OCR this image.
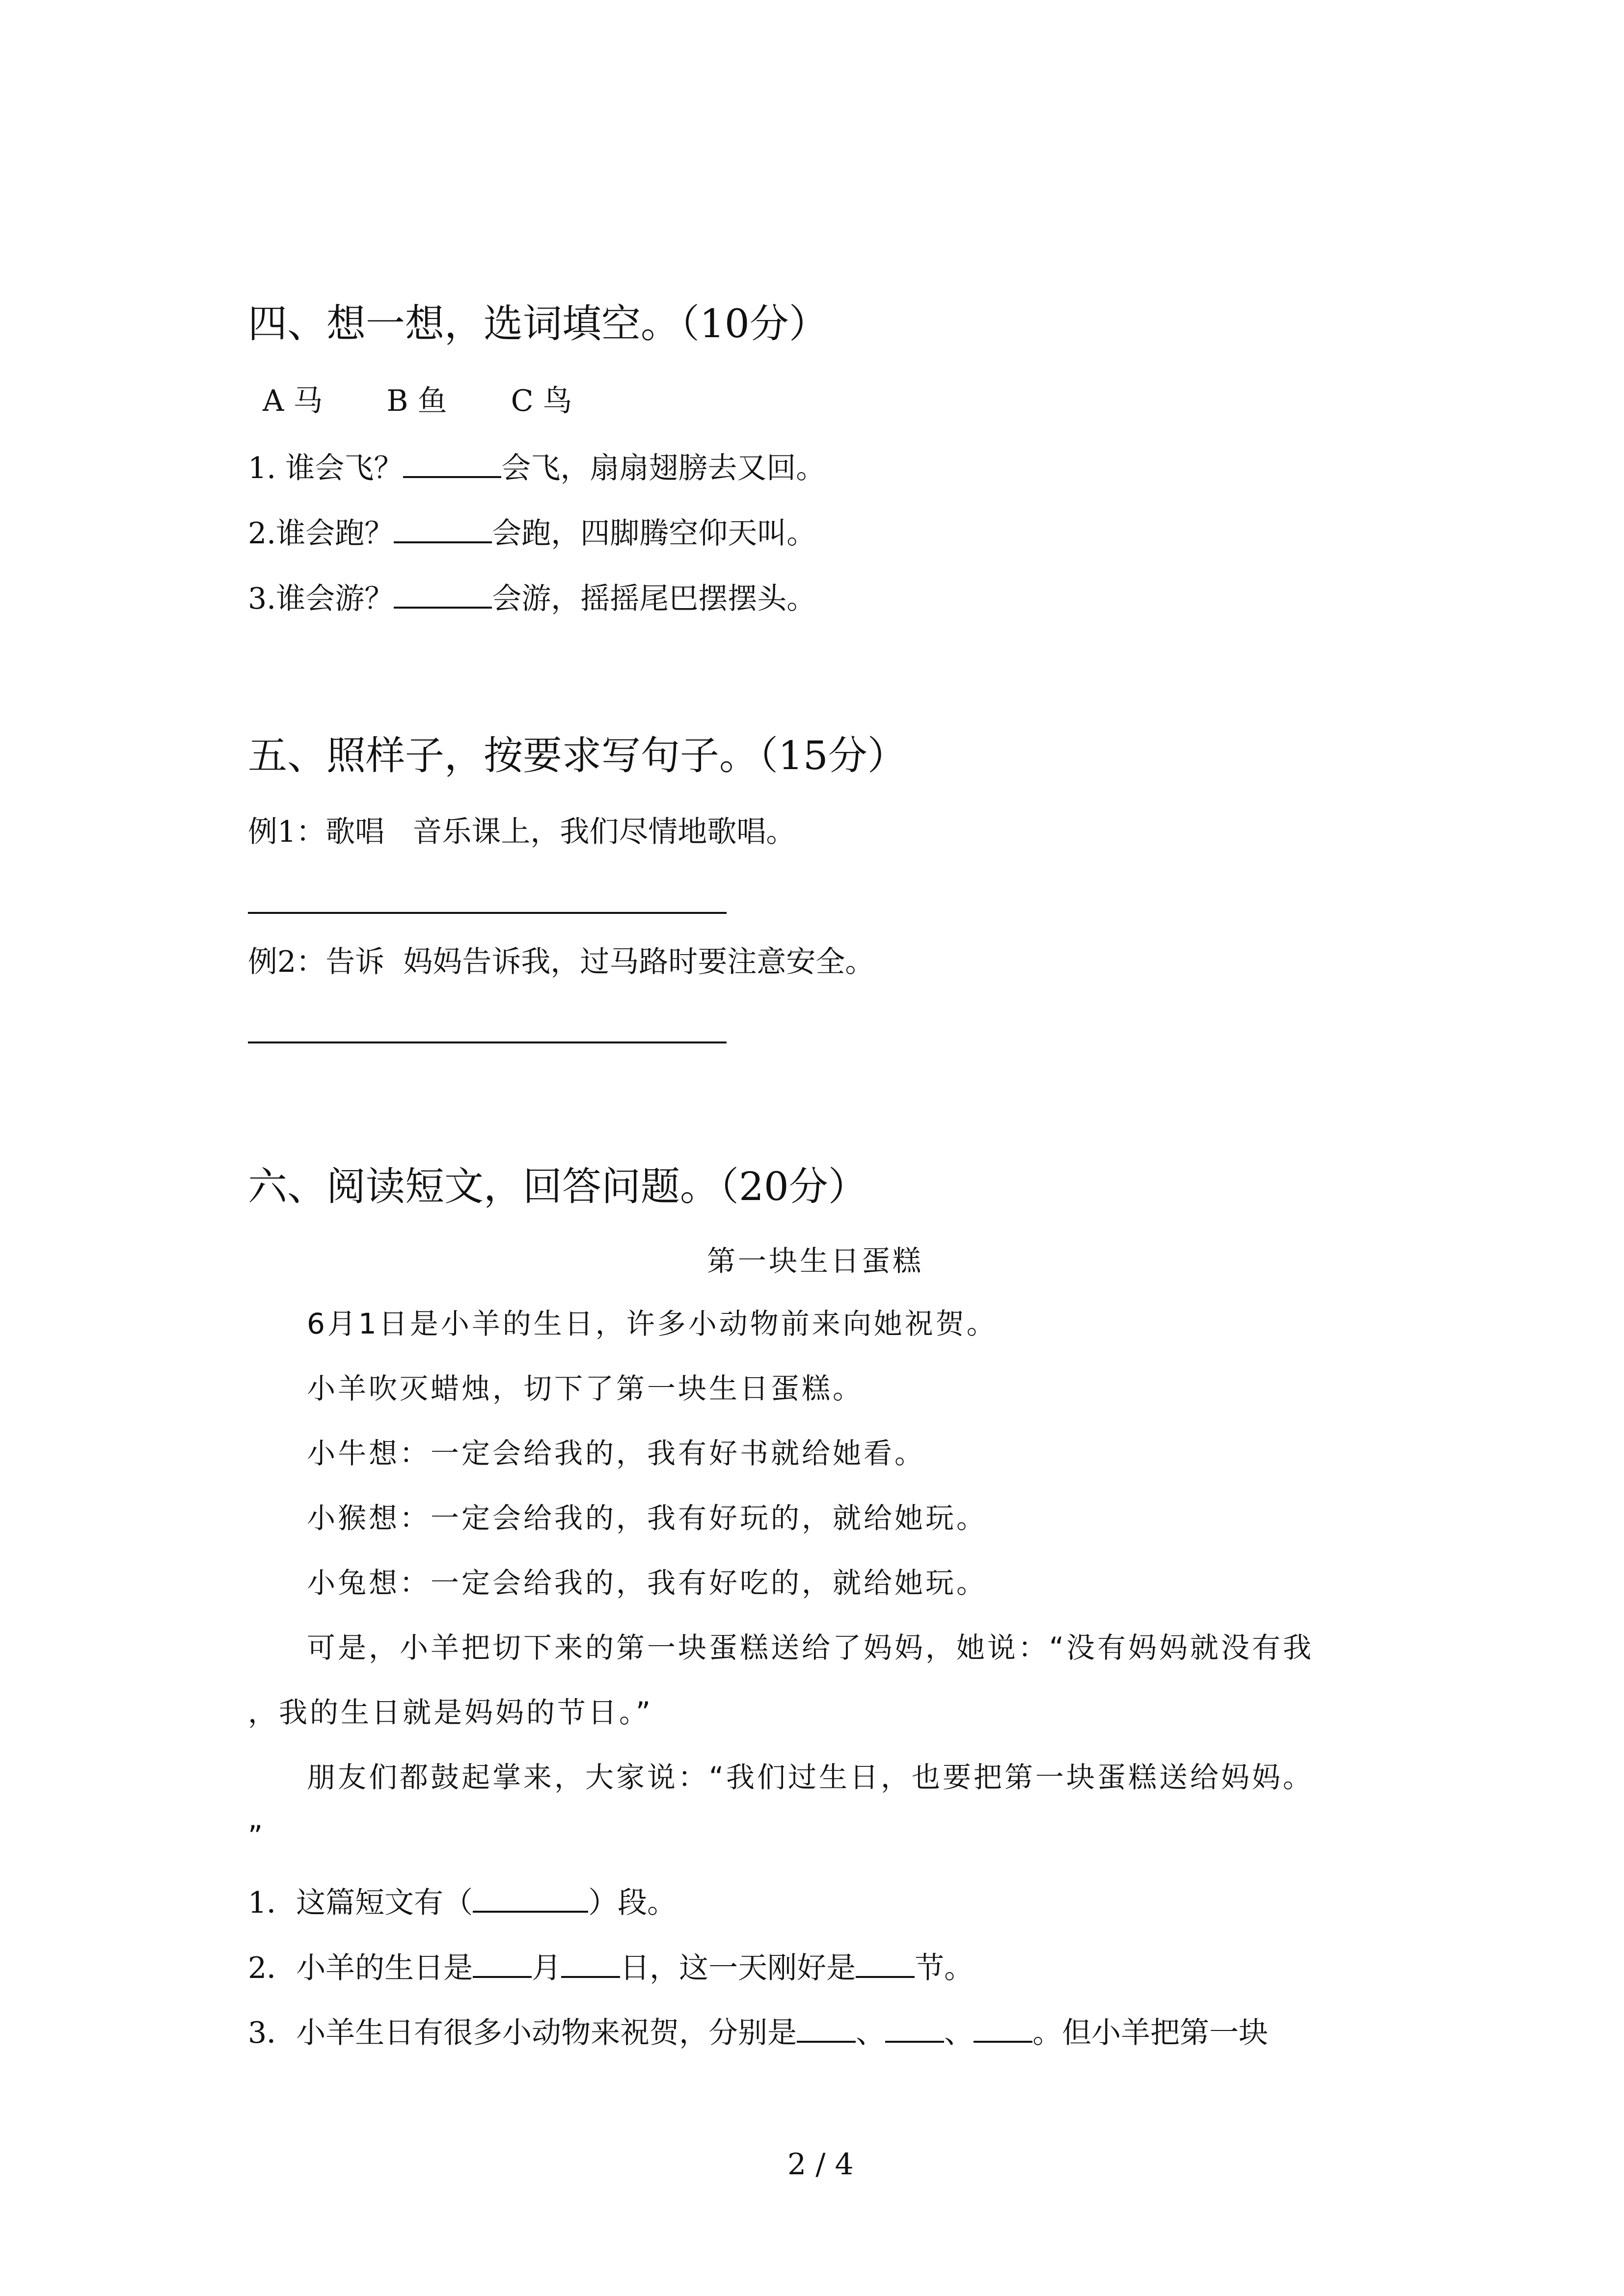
四、想一想，选词填空。（10分）
A 马 B 鱼 C 鸟
1. 谁会飞？	会飞，扇扇翅膀去又回。
2.谁会跑？	会跑，四脚腾空仰天叫。
3.谁会游？	会游，摇摇尾巴摆摆头。
五、照样子，按要求写句子。（15分）
例1：歌唱 音乐课上，我们尽情地歌唱。
例2：告诉 妈妈告诉我，过马路时要注意安全。
六、阅读短文，回答问题。（20分）
第一块生日蛋糕
6月1日是小羊的生日，许多小动物前来向她祝贺。
小羊吹灭蜡烛，切下了第一块生日蛋糕。
小牛想：一定会给我的，我有好书就给她看。
小猴想：一定会给我的，我有好玩的，就给她玩。
小兔想：一定会给我的，我有好吃的，就给她玩。
可是，小羊把切下来的第一块蛋糕送给了妈妈，她说：“没有妈妈就没有我
，我的生日就是妈妈的节日。”
朋友们都鼓起掌来，大家说：“我们过生日，也要把第一块蛋糕送给妈妈。
”
1．这篇短文有（	）段。
2．小羊的生日是 月 日，这一天刚好是 节。
3．小羊生日有很多小动物来祝贺，分别是 、 、 。但小羊把第一块
2 / 4
